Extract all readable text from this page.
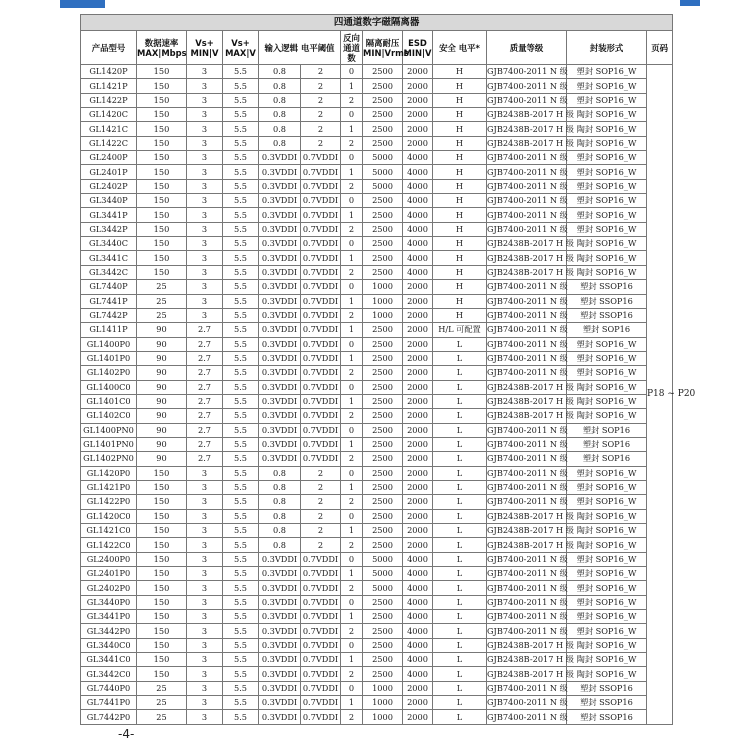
四通道数字磁隔离器												
产品型号	数据速率 MAX|Mbps	Vs+ MIN|V	Vs+ MAX|V	输入逻辑 电平阈值		反向 通道 数	隔离耐压 MIN|Vrms	ESD MIN|V	安全 电平*	质量等级	封装形式	页码
GL1420P	150	3	5.5	0.8	2	0	2500	2000	H	GJB7400-2011 N 级	塑封 SOP16_W	P18 ~ P20
GL1421P	150	3	5.5	0.8	2	1	2500	2000	H	GJB7400-2011 N 级	塑封 SOP16_W	
GL1422P	150	3	5.5	0.8	2	2	2500	2000	H	GJB7400-2011 N 级	塑封 SOP16_W	
GL1420C	150	3	5.5	0.8	2	0	2500	2000	H	GJB2438B-2017 H 级	陶封 SOP16_W	
GL1421C	150	3	5.5	0.8	2	1	2500	2000	H	GJB2438B-2017 H 级	陶封 SOP16_W	
GL1422C	150	3	5.5	0.8	2	2	2500	2000	H	GJB2438B-2017 H 级	陶封 SOP16_W	
GL2400P	150	3	5.5	0.3VDDI	0.7VDDI	0	5000	4000	H	GJB7400-2011 N 级	塑封 SOP16_W	
GL2401P	150	3	5.5	0.3VDDI	0.7VDDI	1	5000	4000	H	GJB7400-2011 N 级	塑封 SOP16_W	
GL2402P	150	3	5.5	0.3VDDI	0.7VDDI	2	5000	4000	H	GJB7400-2011 N 级	塑封 SOP16_W	
GL3440P	150	3	5.5	0.3VDDI	0.7VDDI	0	2500	4000	H	GJB7400-2011 N 级	塑封 SOP16_W	
GL3441P	150	3	5.5	0.3VDDI	0.7VDDI	1	2500	4000	H	GJB7400-2011 N 级	塑封 SOP16_W	
GL3442P	150	3	5.5	0.3VDDI	0.7VDDI	2	2500	4000	H	GJB7400-2011 N 级	塑封 SOP16_W	
GL3440C	150	3	5.5	0.3VDDI	0.7VDDI	0	2500	4000	H	GJB2438B-2017 H 级	陶封 SOP16_W	
GL3441C	150	3	5.5	0.3VDDI	0.7VDDI	1	2500	4000	H	GJB2438B-2017 H 级	陶封 SOP16_W	
GL3442C	150	3	5.5	0.3VDDI	0.7VDDI	2	2500	4000	H	GJB2438B-2017 H 级	陶封 SOP16_W	
GL7440P	25	3	5.5	0.3VDDI	0.7VDDI	0	1000	2000	H	GJB7400-2011 N 级	塑封 SSOP16	
GL7441P	25	3	5.5	0.3VDDI	0.7VDDI	1	1000	2000	H	GJB7400-2011 N 级	塑封 SSOP16	
GL7442P	25	3	5.5	0.3VDDI	0.7VDDI	2	1000	2000	H	GJB7400-2011 N 级	塑封 SSOP16	
GL1411P	90	2.7	5.5	0.3VDDI	0.7VDDI	1	2500	2000	H/L 可配置	GJB7400-2011 N 级	塑封 SOP16	
GL1400P0	90	2.7	5.5	0.3VDDI	0.7VDDI	0	2500	2000	L	GJB7400-2011 N 级	塑封 SOP16_W	
GL1401P0	90	2.7	5.5	0.3VDDI	0.7VDDI	1	2500	2000	L	GJB7400-2011 N 级	塑封 SOP16_W	
GL1402P0	90	2.7	5.5	0.3VDDI	0.7VDDI	2	2500	2000	L	GJB7400-2011 N 级	塑封 SOP16_W	
GL1400C0	90	2.7	5.5	0.3VDDI	0.7VDDI	0	2500	2000	L	GJB2438B-2017 H 级	陶封 SOP16_W	
GL1401C0	90	2.7	5.5	0.3VDDI	0.7VDDI	1	2500	2000	L	GJB2438B-2017 H 级	陶封 SOP16_W	
GL1402C0	90	2.7	5.5	0.3VDDI	0.7VDDI	2	2500	2000	L	GJB2438B-2017 H 级	陶封 SOP16_W	
GL1400PN0	90	2.7	5.5	0.3VDDI	0.7VDDI	0	2500	2000	L	GJB7400-2011 N 级	塑封 SOP16	
GL1401PN0	90	2.7	5.5	0.3VDDI	0.7VDDI	1	2500	2000	L	GJB7400-2011 N 级	塑封 SOP16	
GL1402PN0	90	2.7	5.5	0.3VDDI	0.7VDDI	2	2500	2000	L	GJB7400-2011 N 级	塑封 SOP16	
GL1420P0	150	3	5.5	0.8	2	0	2500	2000	L	GJB7400-2011 N 级	塑封 SOP16_W	
GL1421P0	150	3	5.5	0.8	2	1	2500	2000	L	GJB7400-2011 N 级	塑封 SOP16_W	
GL1422P0	150	3	5.5	0.8	2	2	2500	2000	L	GJB7400-2011 N 级	塑封 SOP16_W	
GL1420C0	150	3	5.5	0.8	2	0	2500	2000	L	GJB2438B-2017 H 级	陶封 SOP16_W	
GL1421C0	150	3	5.5	0.8	2	1	2500	2000	L	GJB2438B-2017 H 级	陶封 SOP16_W	
GL1422C0	150	3	5.5	0.8	2	2	2500	2000	L	GJB2438B-2017 H 级	陶封 SOP16_W	
GL2400P0	150	3	5.5	0.3VDDI	0.7VDDI	0	5000	4000	L	GJB7400-2011 N 级	塑封 SOP16_W	
GL2401P0	150	3	5.5	0.3VDDI	0.7VDDI	1	5000	4000	L	GJB7400-2011 N 级	塑封 SOP16_W	
GL2402P0	150	3	5.5	0.3VDDI	0.7VDDI	2	5000	4000	L	GJB7400-2011 N 级	塑封 SOP16_W	
GL3440P0	150	3	5.5	0.3VDDI	0.7VDDI	0	2500	4000	L	GJB7400-2011 N 级	塑封 SOP16_W	
GL3441P0	150	3	5.5	0.3VDDI	0.7VDDI	1	2500	4000	L	GJB7400-2011 N 级	塑封 SOP16_W	
GL3442P0	150	3	5.5	0.3VDDI	0.7VDDI	2	2500	4000	L	GJB7400-2011 N 级	塑封 SOP16_W	
GL3440C0	150	3	5.5	0.3VDDI	0.7VDDI	0	2500	4000	L	GJB2438B-2017 H 级	陶封 SOP16_W	
GL3441C0	150	3	5.5	0.3VDDI	0.7VDDI	1	2500	4000	L	GJB2438B-2017 H 级	陶封 SOP16_W	
GL3442C0	150	3	5.5	0.3VDDI	0.7VDDI	2	2500	4000	L	GJB2438B-2017 H 级	陶封 SOP16_W	
GL7440P0	25	3	5.5	0.3VDDI	0.7VDDI	0	1000	2000	L	GJB7400-2011 N 级	塑封 SSOP16	
GL7441P0	25	3	5.5	0.3VDDI	0.7VDDI	1	1000	2000	L	GJB7400-2011 N 级	塑封 SSOP16	
GL7442P0	25	3	5.5	0.3VDDI	0.7VDDI	2	1000	2000	L	GJB7400-2011 N 级	塑封 SSOP16	
-4-
